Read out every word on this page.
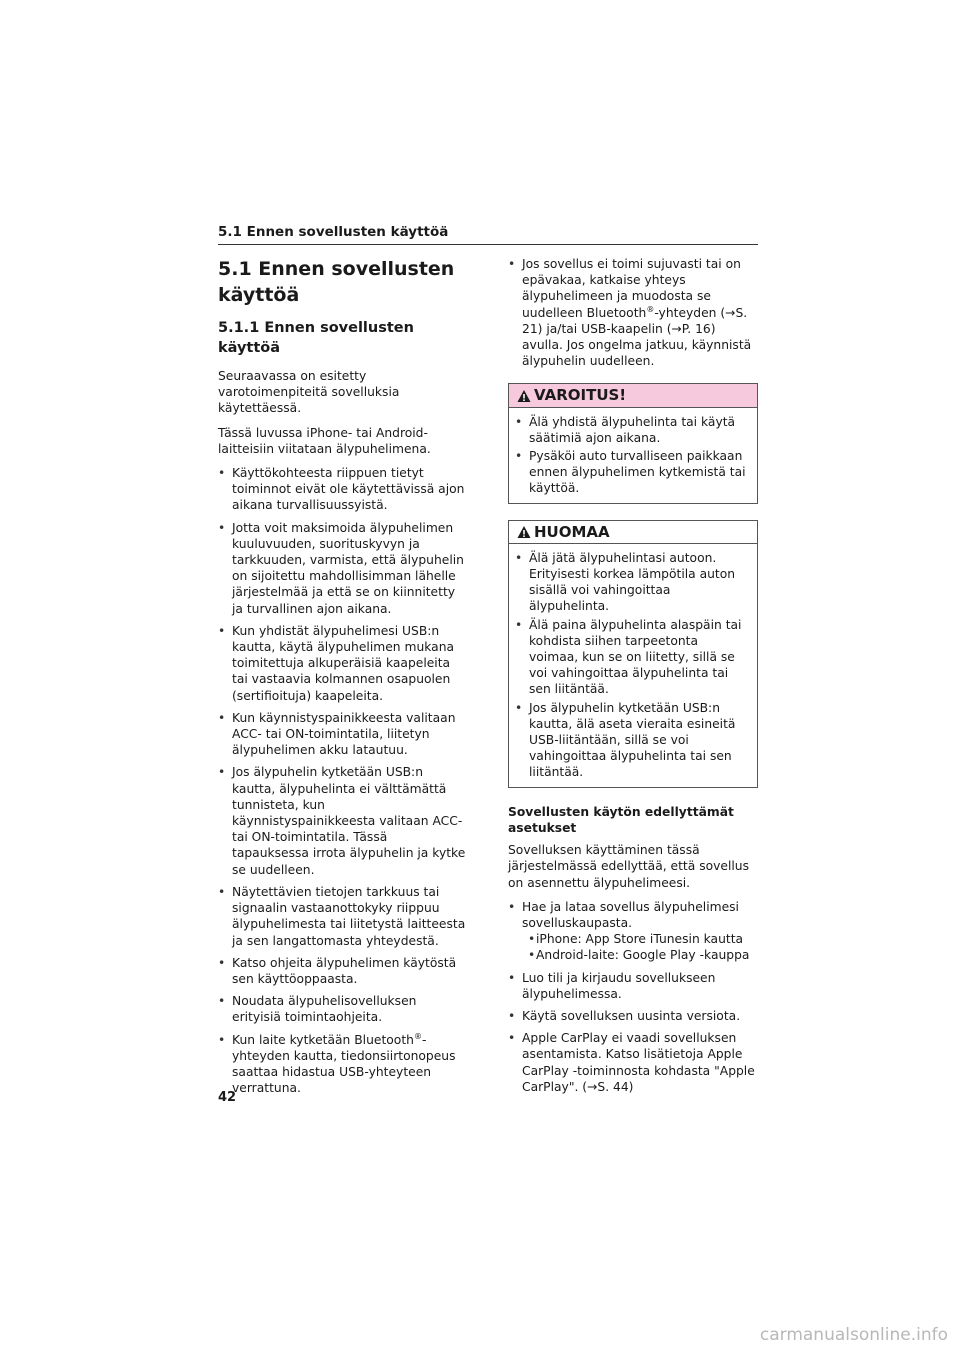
5.1 Ennen sovellusten käyttöä
5.1 Ennen sovellusten käyttöä
5.1.1 Ennen sovellusten käyttöä

Seuraavassa on esitetty varotoimenpiteitä sovelluksia käytettäessä.

Tässä luvussa iPhone- tai Android-laitteisiin viitataan älypuhelimena.

• Käyttökohteesta riippuen tietyt toiminnot eivät ole käytettävissä ajon aikana turvallisuussyistä.
• Jotta voit maksimoida älypuhelimen kuuluvuuden, suorituskyvyn ja tarkkuuden, varmista, että älypuhelin on sijoitettu mahdollisimman lähelle järjestelmää ja että se on kiinnitetty ja turvallinen ajon aikana.
• Kun yhdistät älypuhelimesi USB:n kautta, käytä älypuhelimen mukana toimitettuja alkuperäisiä kaapeleita tai vastaavia kolmannen osapuolen (sertifioituja) kaapeleita.
• Kun käynnistyspainikkeesta valitaan ACC- tai ON-toimintatila, liitetyn älypuhelimen akku latautuu.
• Jos älypuhelin kytketään USB:n kautta, älypuhelinta ei välttämättä tunnisteta, kun käynnistyspainikkeesta valitaan ACC- tai ON-toimintatila. Tässä tapauksessa irrota älypuhelin ja kytke se uudelleen.
• Näytettävien tietojen tarkkuus tai signaalin vastaanottokyky riippuu älypuhelimesta tai liitetystä laitteesta ja sen langattomasta yhteydestä.
• Katso ohjeita älypuhelimen käytöstä sen käyttöoppaasta.
• Noudata älypuhelisovelluksen erityisiä toimintaohjeita.
• Kun laite kytketään Bluetooth®-yhteyden kautta, tiedonsiirtonopeus saattaa hidastua USB-yhteyteen verrattuna.
• Jos sovellus ei toimi sujuvasti tai on epävakaa, katkaise yhteys älypuhelimeen ja muodosta se uudelleen Bluetooth®-yhteyden (→S. 21) ja/tai USB-kaapelin (→P. 16) avulla. Jos ongelma jatkuu, käynnistä älypuhelin uudelleen.
VAROITUS!
• Älä yhdistä älypuhelinta tai käytä säätimiä ajon aikana.
• Pysäköi auto turvalliseen paikkaan ennen älypuhelimen kytkemistä tai käyttöä.
HUOMAA
• Älä jätä älypuhelintasi autoon. Erityisesti korkea lämpötila auton sisällä voi vahingoittaa älypuhelinta.
• Älä paina älypuhelinta alaspäin tai kohdista siihen tarpeetonta voimaa, kun se on liitetty, sillä se voi vahingoittaa älypuhelinta tai sen liitäntää.
• Jos älypuhelin kytketään USB:n kautta, älä aseta vieraita esineitä USB-liitäntään, sillä se voi vahingoittaa älypuhelinta tai sen liitäntää.

Sovellusten käytön edellyttämät asetukset

Sovelluksen käyttäminen tässä järjestelmässä edellyttää, että sovellus on asennettu älypuhelimeesi.

• Hae ja lataa sovellus älypuhelimesi sovelluskaupasta.
• iPhone: App Store iTunesin kautta
• Android-laite: Google Play -kauppa
• Luo tili ja kirjaudu sovellukseen älypuhelimessa.
• Käytä sovelluksen uusinta versiota.
• Apple CarPlay ei vaadi sovelluksen asentamista. Katso lisätietoja Apple CarPlay -toiminnosta kohdasta "Apple CarPlay". (→S. 44)
42
carmanualsonline.info
